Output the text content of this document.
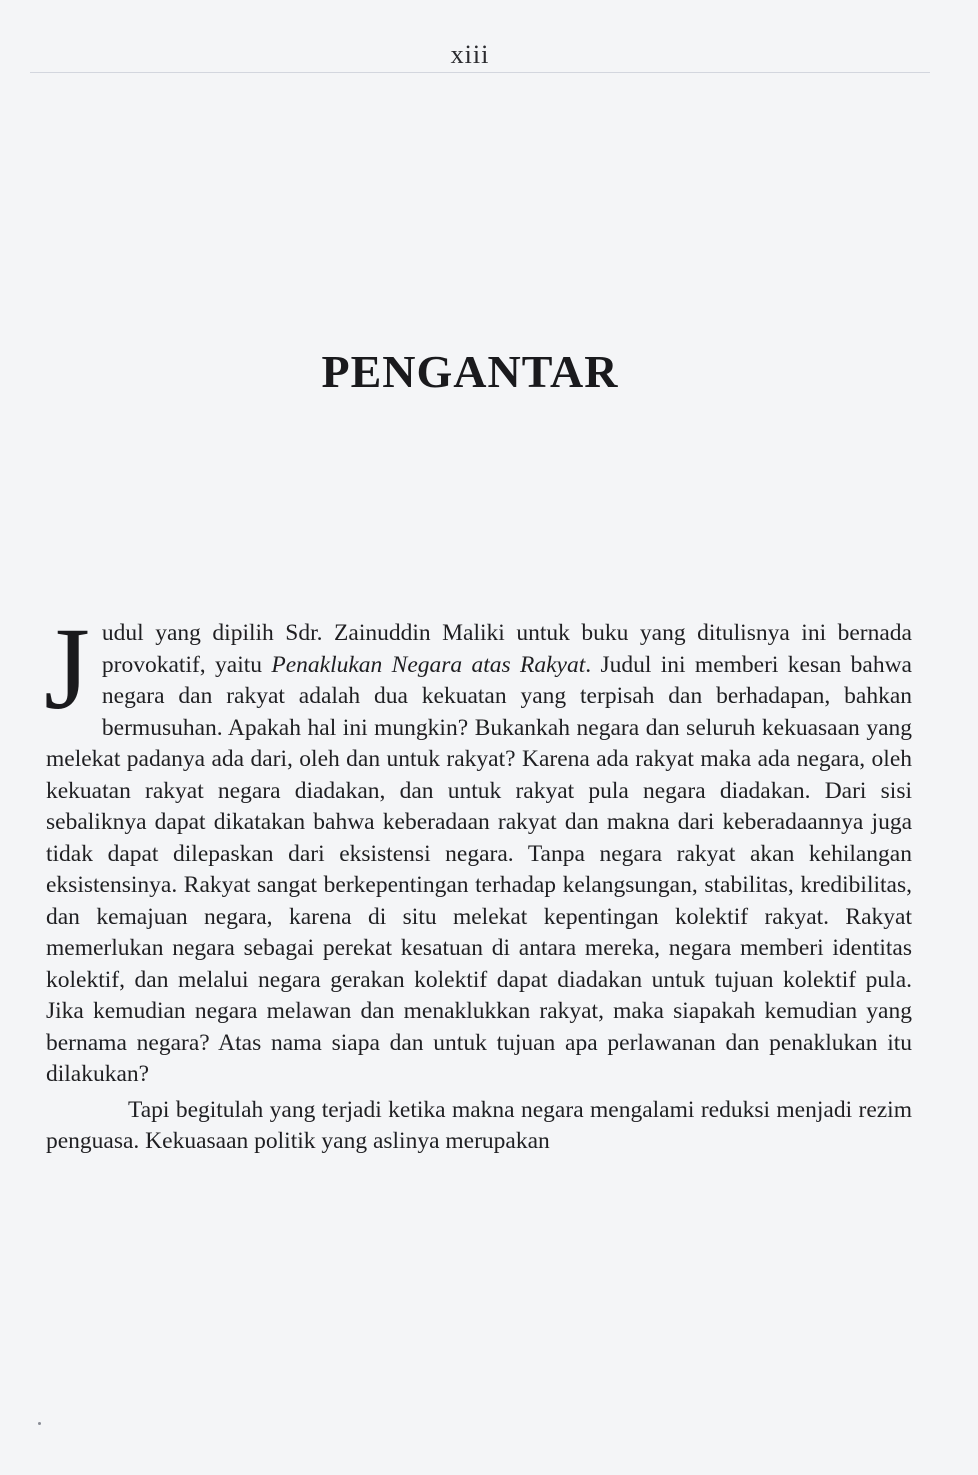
xiii
PENGANTAR

Judul yang dipilih Sdr. Zainuddin Maliki untuk buku yang ditulisnya ini bernada provokatif, yaitu Penaklukan Negara atas Rakyat. Judul ini memberi kesan bahwa negara dan rakyat adalah dua kekuatan yang terpisah dan berhadapan, bahkan bermusuhan. Apakah hal ini mungkin? Bukankah negara dan seluruh kekuasaan yang melekat padanya ada dari, oleh dan untuk rakyat? Karena ada rakyat maka ada negara, oleh kekuatan rakyat negara diadakan, dan untuk rakyat pula negara diadakan. Dari sisi sebaliknya dapat dikatakan bahwa keberadaan rakyat dan makna dari keberadaannya juga tidak dapat dilepaskan dari eksistensi negara. Tanpa negara rakyat akan kehilangan eksistensinya. Rakyat sangat berkepentingan terhadap kelangsungan, stabilitas, kredibilitas, dan kemajuan negara, karena di situ melekat kepentingan kolektif rakyat. Rakyat memerlukan negara sebagai perekat kesatuan di antara mereka, negara memberi identitas kolektif, dan melalui negara gerakan kolektif dapat diadakan untuk tujuan kolektif pula. Jika kemudian negara melawan dan menaklukkan rakyat, maka siapakah kemudian yang bernama negara? Atas nama siapa dan untuk tujuan apa perlawanan dan penaklukan itu dilakukan?

Tapi begitulah yang terjadi ketika makna negara mengalami reduksi menjadi rezim penguasa. Kekuasaan politik yang aslinya merupakan
